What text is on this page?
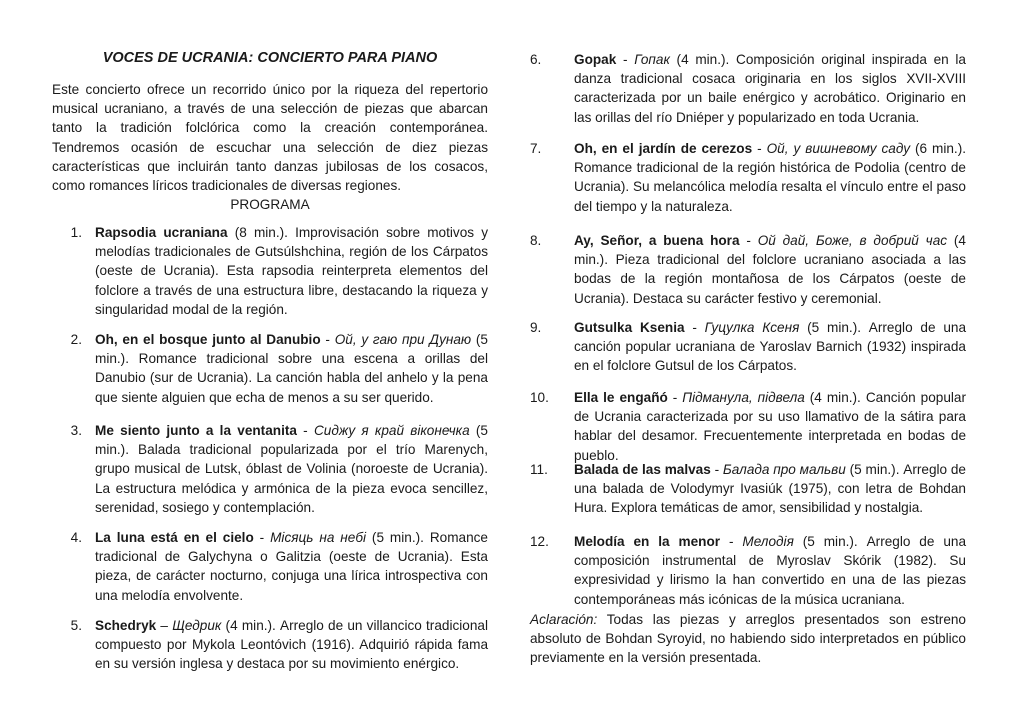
VOCES DE UCRANIA: CONCIERTO PARA PIANO
Este concierto ofrece un recorrido único por la riqueza del repertorio musical ucraniano, a través de una selección de piezas que abarcan tanto la tradición folclórica como la creación contemporánea. Tendremos ocasión de escuchar una selección de diez piezas características que incluirán tanto danzas jubilosas de los cosacos, como romances líricos tradicionales de diversas regiones.
PROGRAMA
1. Rapsodia ucraniana (8 min.). Improvisación sobre motivos y melodías tradicionales de Gutsúlshchina, región de los Cárpatos (oeste de Ucrania). Esta rapsodia reinterpreta elementos del folclore a través de una estructura libre, destacando la riqueza y singularidad modal de la región.
2. Oh, en el bosque junto al Danubio - Ой, у гаю при Дунаю (5 min.). Romance tradicional sobre una escena a orillas del Danubio (sur de Ucrania). La canción habla del anhelo y la pena que siente alguien que echa de menos a su ser querido.
3. Me siento junto a la ventanita - Сиджу я край віконечка (5 min.). Balada tradicional popularizada por el trío Marenych, grupo musical de Lutsk, óblast de Volinia (noroeste de Ucrania). La estructura melódica y armónica de la pieza evoca sencillez, serenidad, sosiego y contemplación.
4. La luna está en el cielo - Місяць на небі (5 min.). Romance tradicional de Galychyna o Galitzia (oeste de Ucrania). Esta pieza, de carácter nocturno, conjuga una lírica introspectiva con una melodía envolvente.
5. Schedryk – Щедрик (4 min.). Arreglo de un villancico tradicional compuesto por Mykola Leontóvich (1916). Adquirió rápida fama en su versión inglesa y destaca por su movimiento enérgico.
6.	Gopak - Гопак (4 min.). Composición original inspirada en la danza tradicional cosaca originaria en los siglos XVII-XVIII caracterizada por un baile enérgico y acrobático. Originario en las orillas del río Dniéper y popularizado en toda Ucrania.
7.	Oh, en el jardín de cerezos - Ой, у вишневому саду (6 min.). Romance tradicional de la región histórica de Podolia (centro de Ucrania). Su melancólica melodía resalta el vínculo entre el paso del tiempo y la naturaleza.
8.	Ay, Señor, a buena hora - Ой дай, Боже, в добрий час (4 min.). Pieza tradicional del folclore ucraniano asociada a las bodas de la región montañosa de los Cárpatos (oeste de Ucrania). Destaca su carácter festivo y ceremonial.
9.	Gutsulka Ksenia - Гуцулка Ксеня (5 min.). Arreglo de una canción popular ucraniana de Yaroslav Barnich (1932) inspirada en el folclore Gutsul de los Cárpatos.
10.	Ella le engañó - Підманула, підвела (4 min.). Canción popular de Ucrania caracterizada por su uso llamativo de la sátira para hablar del desamor. Frecuentemente interpretada en bodas de pueblo.
11.	Balada de las malvas - Балада про мальви (5 min.). Arreglo de una balada de Volodymyr Ivasiúk (1975), con letra de Bohdan Hura. Explora temáticas de amor, sensibilidad y nostalgia.
12.	Melodía en la menor - Мелодія (5 min.). Arreglo de una composición instrumental de Myroslav Skórik (1982). Su expresividad y lirismo la han convertido en una de las piezas contemporáneas más icónicas de la música ucraniana.
Aclaración: Todas las piezas y arreglos presentados son estreno absoluto de Bohdan Syroyid, no habiendo sido interpretados en público previamente en la versión presentada.
